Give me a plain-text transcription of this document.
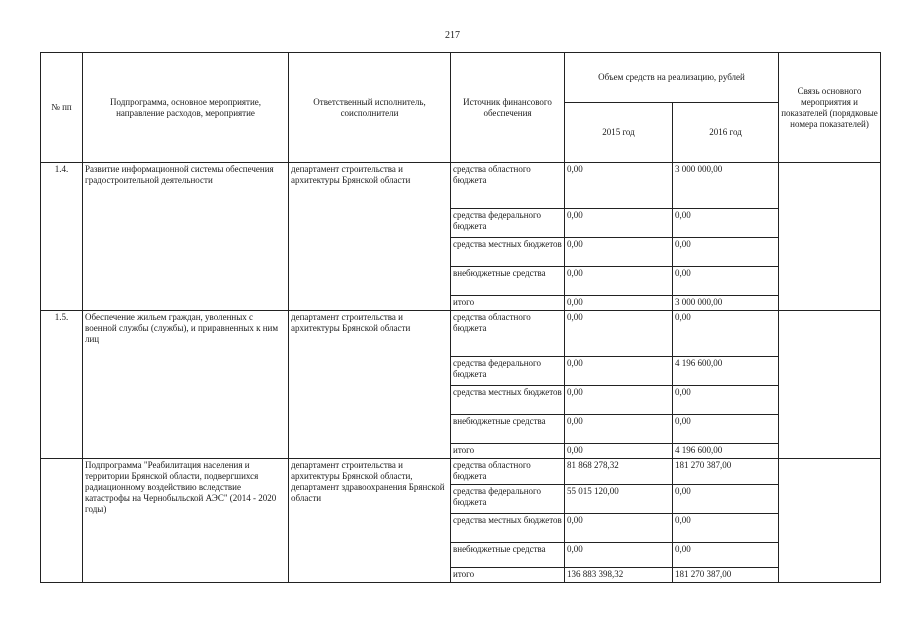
217
№ пп	Подпрограмма, основное мероприятие, направление расходов, мероприятие	Ответственный исполнитель, соисполнители	Источник финансового обеспечения	Объем средств на реализацию, рублей		Связь основного мероприятия и показателей (порядковые номера показателей)
				2015 год	2016 год	
1.4.	Развитие информационной системы обеспечения градостроительной деятельности	департамент строительства и архитектуры Брянской области	средства областного бюджета	0,00	3 000 000,00	
			средства федерального бюджета	0,00	0,00	
			средства местных бюджетов	0,00	0,00	
			внебюджетные средства	0,00	0,00	
			итого	0,00	3 000 000,00	
1.5.	Обеспечение жильем граждан, уволенных с военной службы (службы), и приравненных к ним лиц	департамент строительства и архитектуры Брянской области	средства областного бюджета	0,00	0,00	
			средства федерального бюджета	0,00	4 196 600,00	
			средства местных бюджетов	0,00	0,00	
			внебюджетные средства	0,00	0,00	
			итого	0,00	4 196 600,00	
	Подпрограмма "Реабилитация населения и территории Брянской области, подвергшихся радиационному воздействию вследствие катастрофы на Чернобыльской АЭС" (2014 - 2020 годы)	департамент строительства и архитектуры Брянской области, департамент здравоохранения Брянской области	средства областного бюджета	81 868 278,32	181 270 387,00	
			средства федерального бюджета	55 015 120,00	0,00	
			средства местных бюджетов	0,00	0,00	
			внебюджетные средства	0,00	0,00	
			итого	136 883 398,32	181 270 387,00	
